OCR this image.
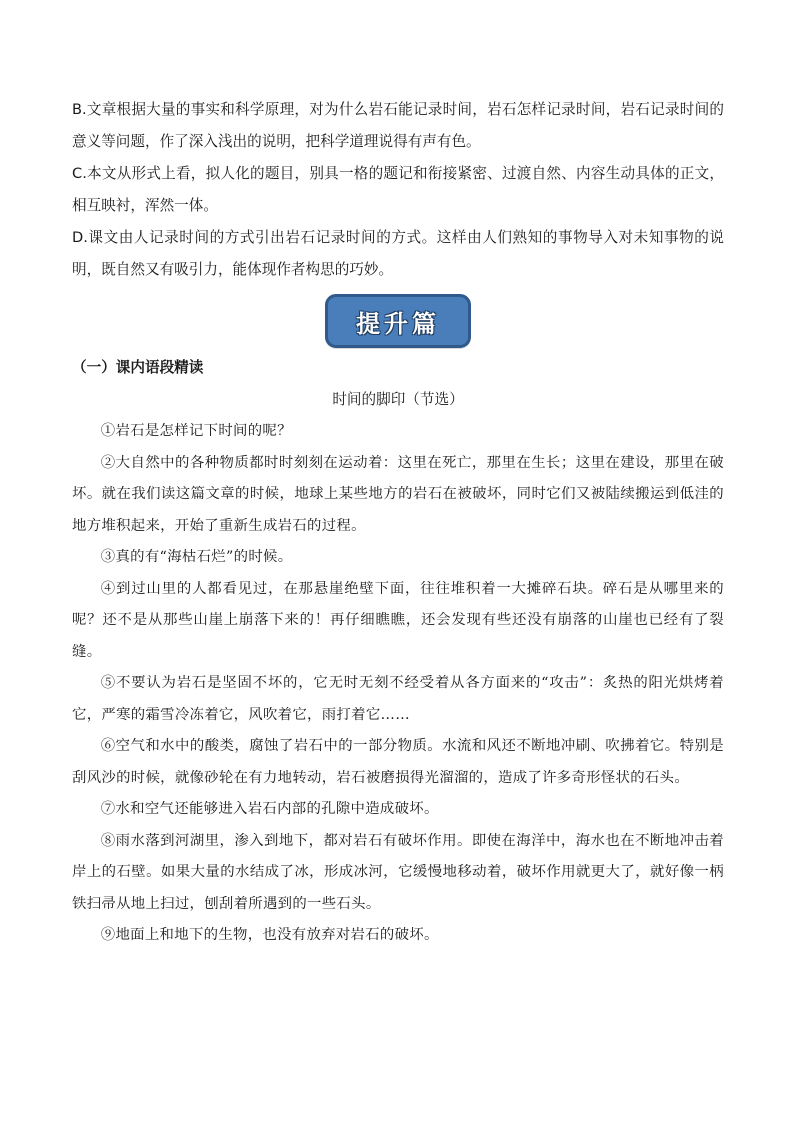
B.文章根据大量的事实和科学原理，对为什么岩石能记录时间，岩石怎样记录时间，岩石记录时间的意义等问题，作了深入浅出的说明，把科学道理说得有声有色。

C.本文从形式上看，拟人化的题目，别具一格的题记和衔接紧密、过渡自然、内容生动具体的正文，相互映衬，浑然一体。

D.课文由人记录时间的方式引出岩石记录时间的方式。这样由人们熟知的事物导入对未知事物的说明，既自然又有吸引力，能体现作者构思的巧妙。

提升篇

（一）课内语段精读

时间的脚印（节选）

①岩石是怎样记下时间的呢？

②大自然中的各种物质都时时刻刻在运动着：这里在死亡，那里在生长；这里在建设，那里在破坏。就在我们读这篇文章的时候，地球上某些地方的岩石在被破坏，同时它们又被陆续搬运到低洼的地方堆积起来，开始了重新生成岩石的过程。

③真的有“海枯石烂”的时候。

④到过山里的人都看见过，在那悬崖绝壁下面，往往堆积着一大摊碎石块。碎石是从哪里来的呢？还不是从那些山崖上崩落下来的！再仔细瞧瞧，还会发现有些还没有崩落的山崖也已经有了裂缝。

⑤不要认为岩石是坚固不坏的，它无时无刻不经受着从各方面来的“攻击”：炙热的阳光烘烤着它，严寒的霜雪冷冻着它，风吹着它，雨打着它……

⑥空气和水中的酸类，腐蚀了岩石中的一部分物质。水流和风还不断地冲刷、吹拂着它。特别是刮风沙的时候，就像砂轮在有力地转动，岩石被磨损得光溜溜的，造成了许多奇形怪状的石头。

⑦水和空气还能够进入岩石内部的孔隙中造成破坏。

⑧雨水落到河湖里，渗入到地下，都对岩石有破坏作用。即使在海洋中，海水也在不断地冲击着岸上的石壁。如果大量的水结成了冰，形成冰河，它缓慢地移动着，破坏作用就更大了，就好像一柄铁扫帚从地上扫过，刨刮着所遇到的一些石头。

⑨地面上和地下的生物，也没有放弃对岩石的破坏。
